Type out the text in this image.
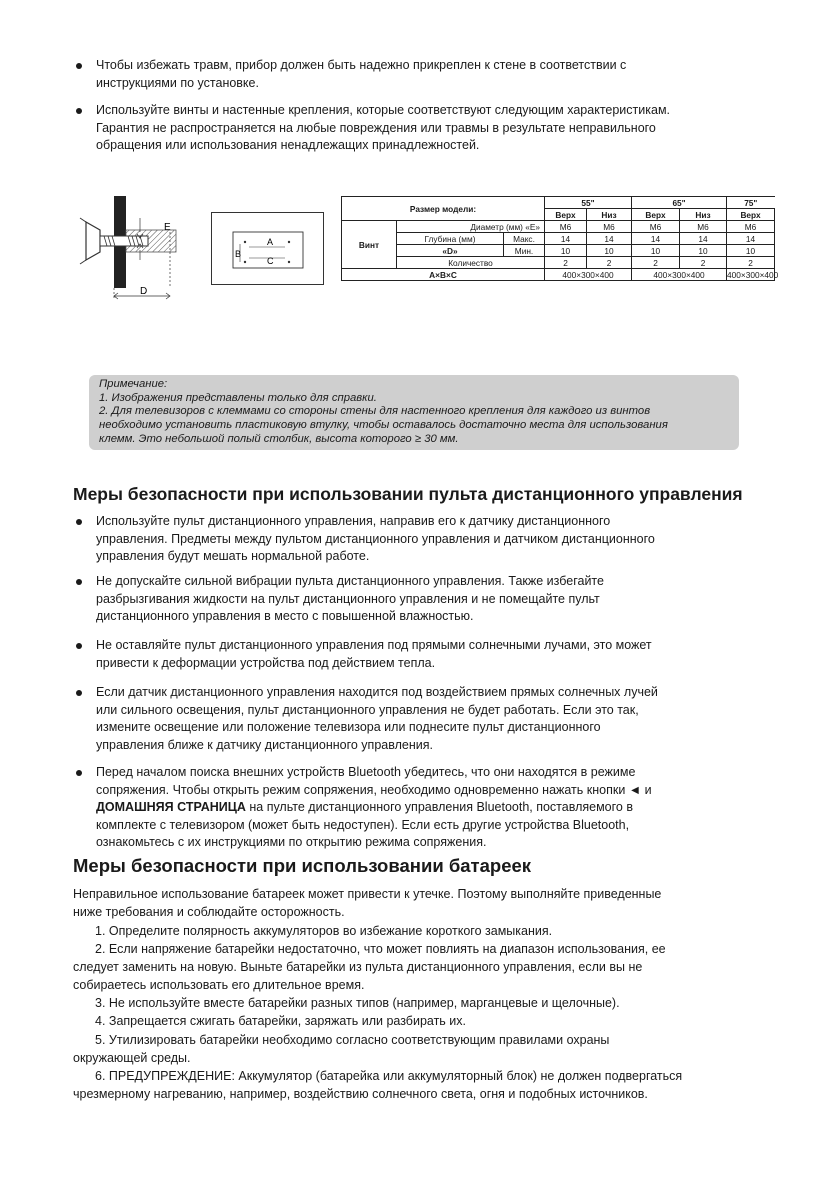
Чтобы избежать травм, прибор должен быть надежно прикреплен к стене в соответствии с
инструкциями по установке.
Используйте винты и настенные крепления, которые соответствуют следующим характеристикам.
Гарантия не распространяется на любые повреждения или травмы в результате неправильного
обращения или использования ненадлежащих принадлежностей.
E
D
A
B
C
Размер модели:			55"		65"		75"
			Верх	Низ	Верх	Низ	Верх
Винт	Диаметр (мм) «E»		M6	M6	M6	M6	M6
	Глубина (мм)	Макс.	14	14	14	14	14
	«D»	Мин.	10	10	10	10	10
	Количество		2	2	2	2	2
A×B×C			400×300×400		400×300×400		400×300×400
Примечание:
1. Изображения представлены только для справки.
2. Для телевизоров с клеммами со стороны стены для настенного крепления для каждого из винтов
необходимо установить пластиковую втулку, чтобы оставалось достаточно места для использования
клемм. Это небольшой полый столбик, высота которого ≥ 30 мм.
Меры безопасности при использовании пульта дистанционного управления
Используйте пульт дистанционного управления, направив его к датчику дистанционного
управления. Предметы между пультом дистанционного управления и датчиком дистанционного
управления будут мешать нормальной работе.
Не допускайте сильной вибрации пульта дистанционного управления. Также избегайте
разбрызгивания жидкости на пульт дистанционного управления и не помещайте пульт
дистанционного управления в место с повышенной влажностью.
Не оставляйте пульт дистанционного управления под прямыми солнечными лучами, это может
привести к деформации устройства под действием тепла.
Если датчик дистанционного управления находится под воздействием прямых солнечных лучей
или сильного освещения, пульт дистанционного управления не будет работать. Если это так,
измените освещение или положение телевизора или поднесите пульт дистанционного
управления ближе к датчику дистанционного управления.
Перед началом поиска внешних устройств Bluetooth убедитесь, что они находятся в режиме
сопряжения. Чтобы открыть режим сопряжения, необходимо одновременно нажать кнопки ◄ и
ДОМАШНЯЯ СТРАНИЦА на пульте дистанционного управления Bluetooth, поставляемого в
комплекте с телевизором (может быть недоступен). Если есть другие устройства Bluetooth,
ознакомьтесь с их инструкциями по открытию режима сопряжения.
Меры безопасности при использовании батареек
Неправильное использование батареек может привести к утечке. Поэтому выполняйте приведенные
ниже требования и соблюдайте осторожность.
1. Определите полярность аккумуляторов во избежание короткого замыкания.
2. Если напряжение батарейки недостаточно, что может повлиять на диапазон использования, ее
следует заменить на новую. Выньте батарейки из пульта дистанционного управления, если вы не
собираетесь использовать его длительное время.
3. Не используйте вместе батарейки разных типов (например, марганцевые и щелочные).
4. Запрещается сжигать батарейки, заряжать или разбирать их.
5. Утилизировать батарейки необходимо согласно соответствующим правилами охраны
окружающей среды.
6. ПРЕДУПРЕЖДЕНИЕ: Аккумулятор (батарейка или аккумуляторный блок) не должен подвергаться
чрезмерному нагреванию, например, воздействию солнечного света, огня и подобных источников.
